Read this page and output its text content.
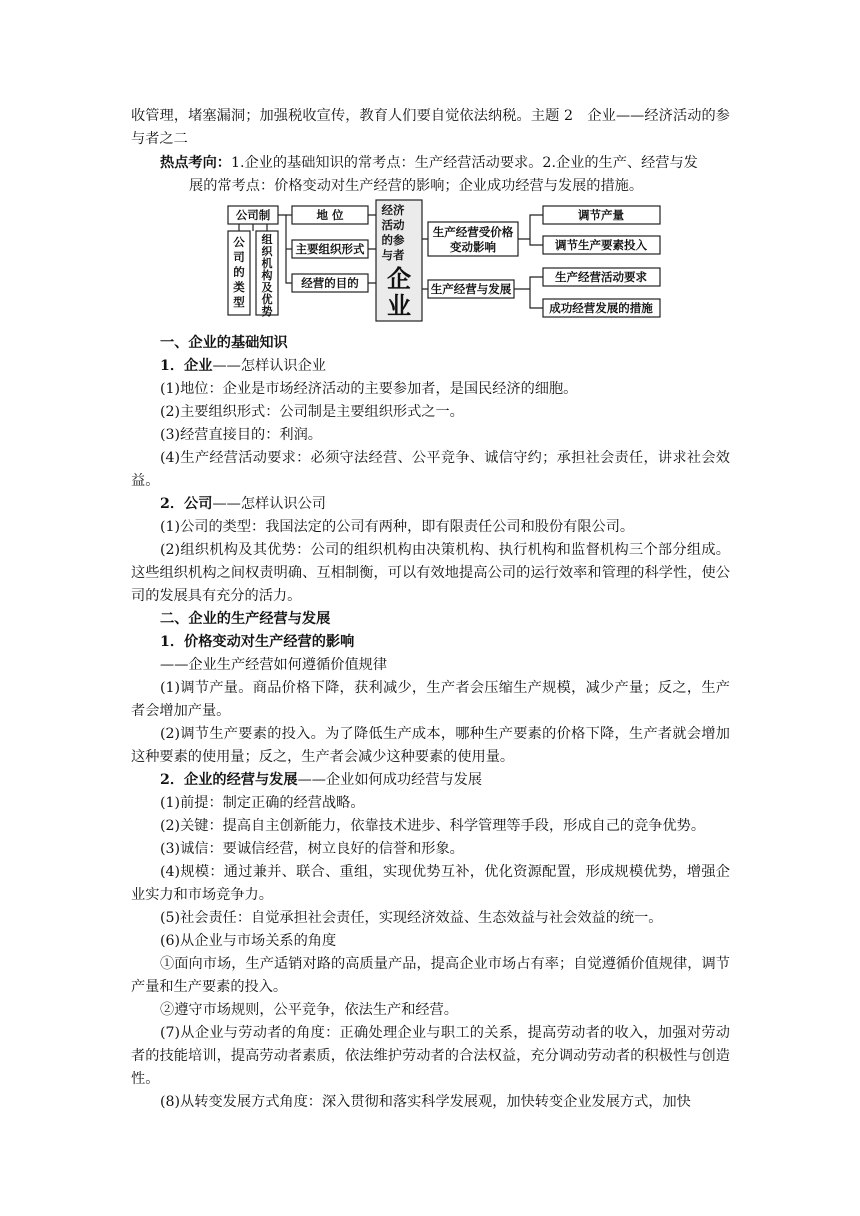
收管理，堵塞漏洞；加强税收宣传，教育人们要自觉依法纳税。主题 2　企业——经济活动的参与者之二

热点考向：1.企业的基础知识的常考点：生产经营活动要求。2.企业的生产、经营与发
展的常考点：价格变动对生产经营的影响；企业成功经营与发展的措施。

公司制	地 位
主要组织形式
经营的目的
生产经营受价格
变动影响
生产经营与发展
调节产量
调节生产要素投入
生产经营活动要求
成功经营发展的措施
公
司
的
类
型
组
织
机
构
及
优
势
经济
活动
的参
与者
企
业

一、企业的基础知识

1．企业——怎样认识企业

(1)地位：企业是市场经济活动的主要参加者，是国民经济的细胞。

(2)主要组织形式：公司制是主要组织形式之一。

(3)经营直接目的：利润。

(4)生产经营活动要求：必须守法经营、公平竞争、诚信守约；承担社会责任，讲求社会效益。

2．公司——怎样认识公司

(1)公司的类型：我国法定的公司有两种，即有限责任公司和股份有限公司。

(2)组织机构及其优势：公司的组织机构由决策机构、执行机构和监督机构三个部分组成。这些组织机构之间权责明确、互相制衡，可以有效地提高公司的运行效率和管理的科学性，使公司的发展具有充分的活力。

二、企业的生产经营与发展

1．价格变动对生产经营的影响

——企业生产经营如何遵循价值规律

(1)调节产量。商品价格下降，获利减少，生产者会压缩生产规模，减少产量；反之，生产者会增加产量。

(2)调节生产要素的投入。为了降低生产成本，哪种生产要素的价格下降，生产者就会增加这种要素的使用量；反之，生产者会减少这种要素的使用量。

2．企业的经营与发展——企业如何成功经营与发展

(1)前提：制定正确的经营战略。

(2)关键：提高自主创新能力，依靠技术进步、科学管理等手段，形成自己的竞争优势。

(3)诚信：要诚信经营，树立良好的信誉和形象。

(4)规模：通过兼并、联合、重组，实现优势互补，优化资源配置，形成规模优势，增强企业实力和市场竞争力。

(5)社会责任：自觉承担社会责任，实现经济效益、生态效益与社会效益的统一。

(6)从企业与市场关系的角度

①面向市场，生产适销对路的高质量产品，提高企业市场占有率；自觉遵循价值规律，调节产量和生产要素的投入。

②遵守市场规则，公平竞争，依法生产和经营。

(7)从企业与劳动者的角度：正确处理企业与职工的关系，提高劳动者的收入，加强对劳动者的技能培训，提高劳动者素质，依法维护劳动者的合法权益，充分调动劳动者的积极性与创造性。

(8)从转变发展方式角度：深入贯彻和落实科学发展观，加快转变企业发展方式，加快
